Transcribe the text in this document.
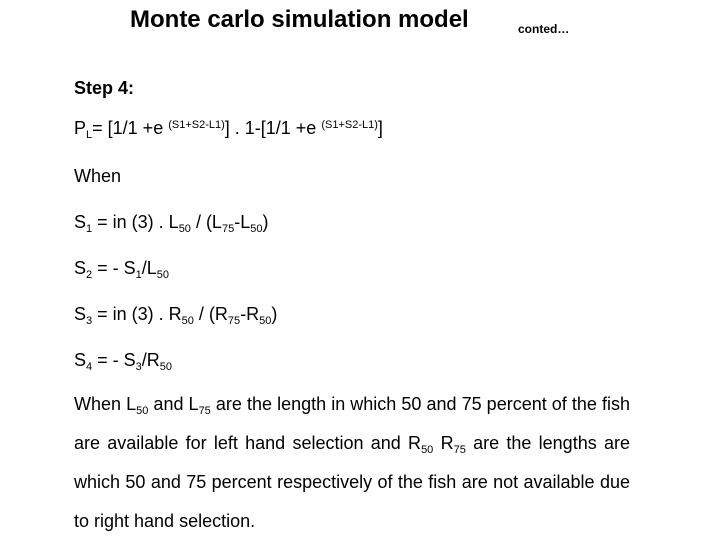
Monte carlo simulation model	conted…
Step 4:
$P_L= [1/1 +e$ $^{(S1+S2-L1)}$] . 1-[1/1 +e $^{(S1+S2-L1)}$]
When
$S_1$ = in (3) . $L_{50} / (L_{75}-L_{50})$
$S_2$ = - $S_1/L_{50}$
$S_3$ = in (3) . $R_{50} / (R_{75}-R_{50})$
$S_4$ = - $S_3/R_{50}$
When $L_{50}$ and $L_{75}$ are the length in which 50 and 75 percent of the fish are available for left hand selection and $R_{50}$ $R_{75}$ are the lengths are which 50 and 75 percent respectively of the fish are not available due to right hand selection.
